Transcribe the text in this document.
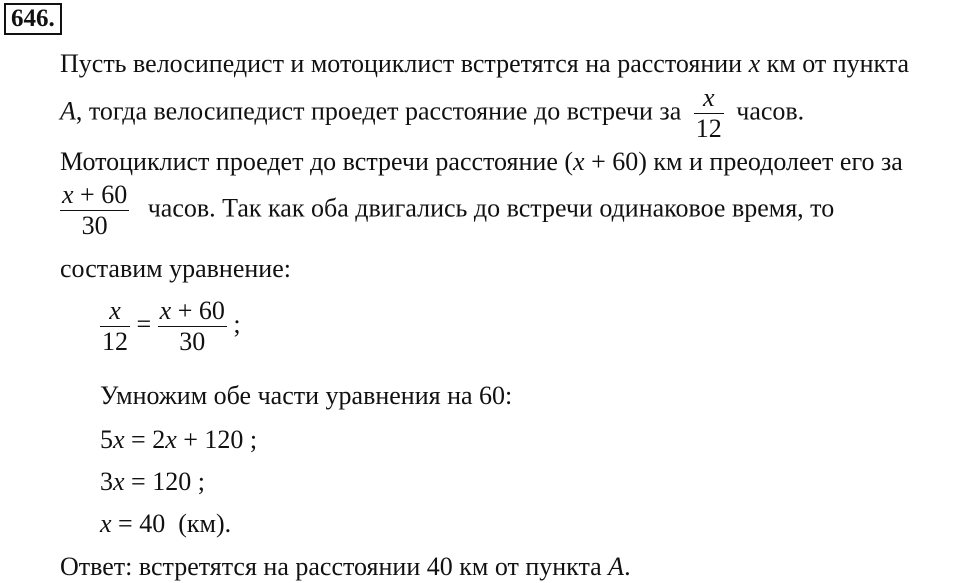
646.
Пусть велосипедист и мотоциклист встретятся на расстоянии x км от пункта
A, тогда велосипедист проедет расстояние до встречи за $\frac{x}{12}$ часов.
Мотоциклист проедет до встречи расстояние (x + 60) км и преодолеет его за
$\frac{x + 60}{30}$ часов. Так как оба двигались до встречи одинаковое время, то
составим уравнение:
$\frac{x}{12} = \frac{x + 60}{30}$ ;
Умножим обе части уравнения на 60:
5x = 2x + 120 ;
3x = 120 ;
x = 40  (км).
Ответ: встретятся на расстоянии 40 км от пункта A.
